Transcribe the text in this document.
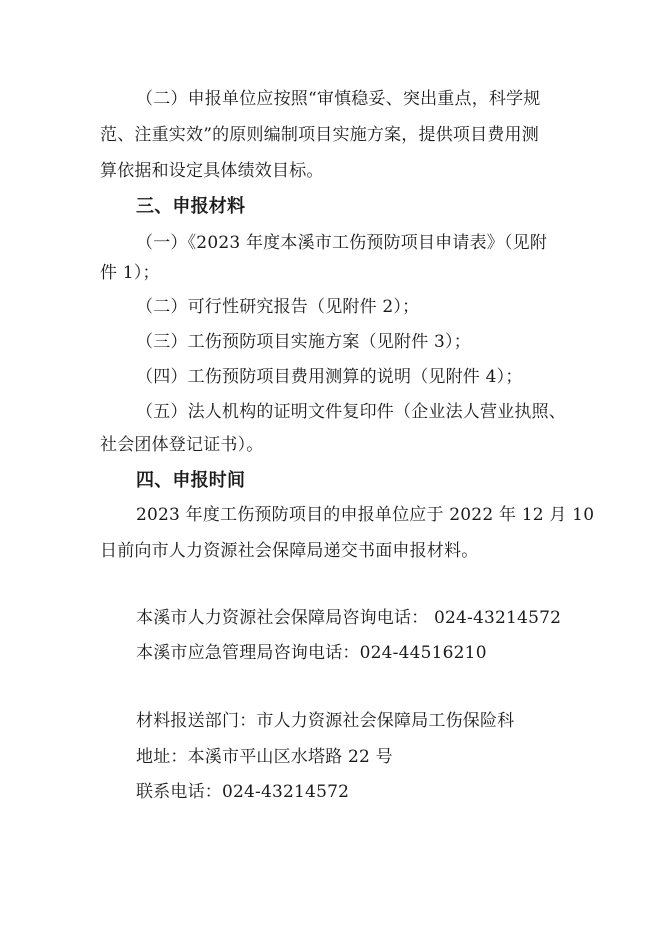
（二）申报单位应按照“审慎稳妥、突出重点，科学规
范、注重实效”的原则编制项目实施方案，提供项目费用测
算依据和设定具体绩效目标。
三、申报材料
（一）《2023 年度本溪市工伤预防项目申请表》（见附
件 1）；
（二）可行性研究报告（见附件 2）；
（三）工伤预防项目实施方案（见附件 3）；
（四）工伤预防项目费用测算的说明（见附件 4）；
（五）法人机构的证明文件复印件（企业法人营业执照、
社会团体登记证书）。
四、申报时间
2023 年度工伤预防项目的申报单位应于 2022 年 12 月 10
日前向市人力资源社会保障局递交书面申报材料。
本溪市人力资源社会保障局咨询电话： 024-43214572
本溪市应急管理局咨询电话：024-44516210
材料报送部门：市人力资源社会保障局工伤保险科
地址：本溪市平山区水塔路 22 号
联系电话：024-43214572
